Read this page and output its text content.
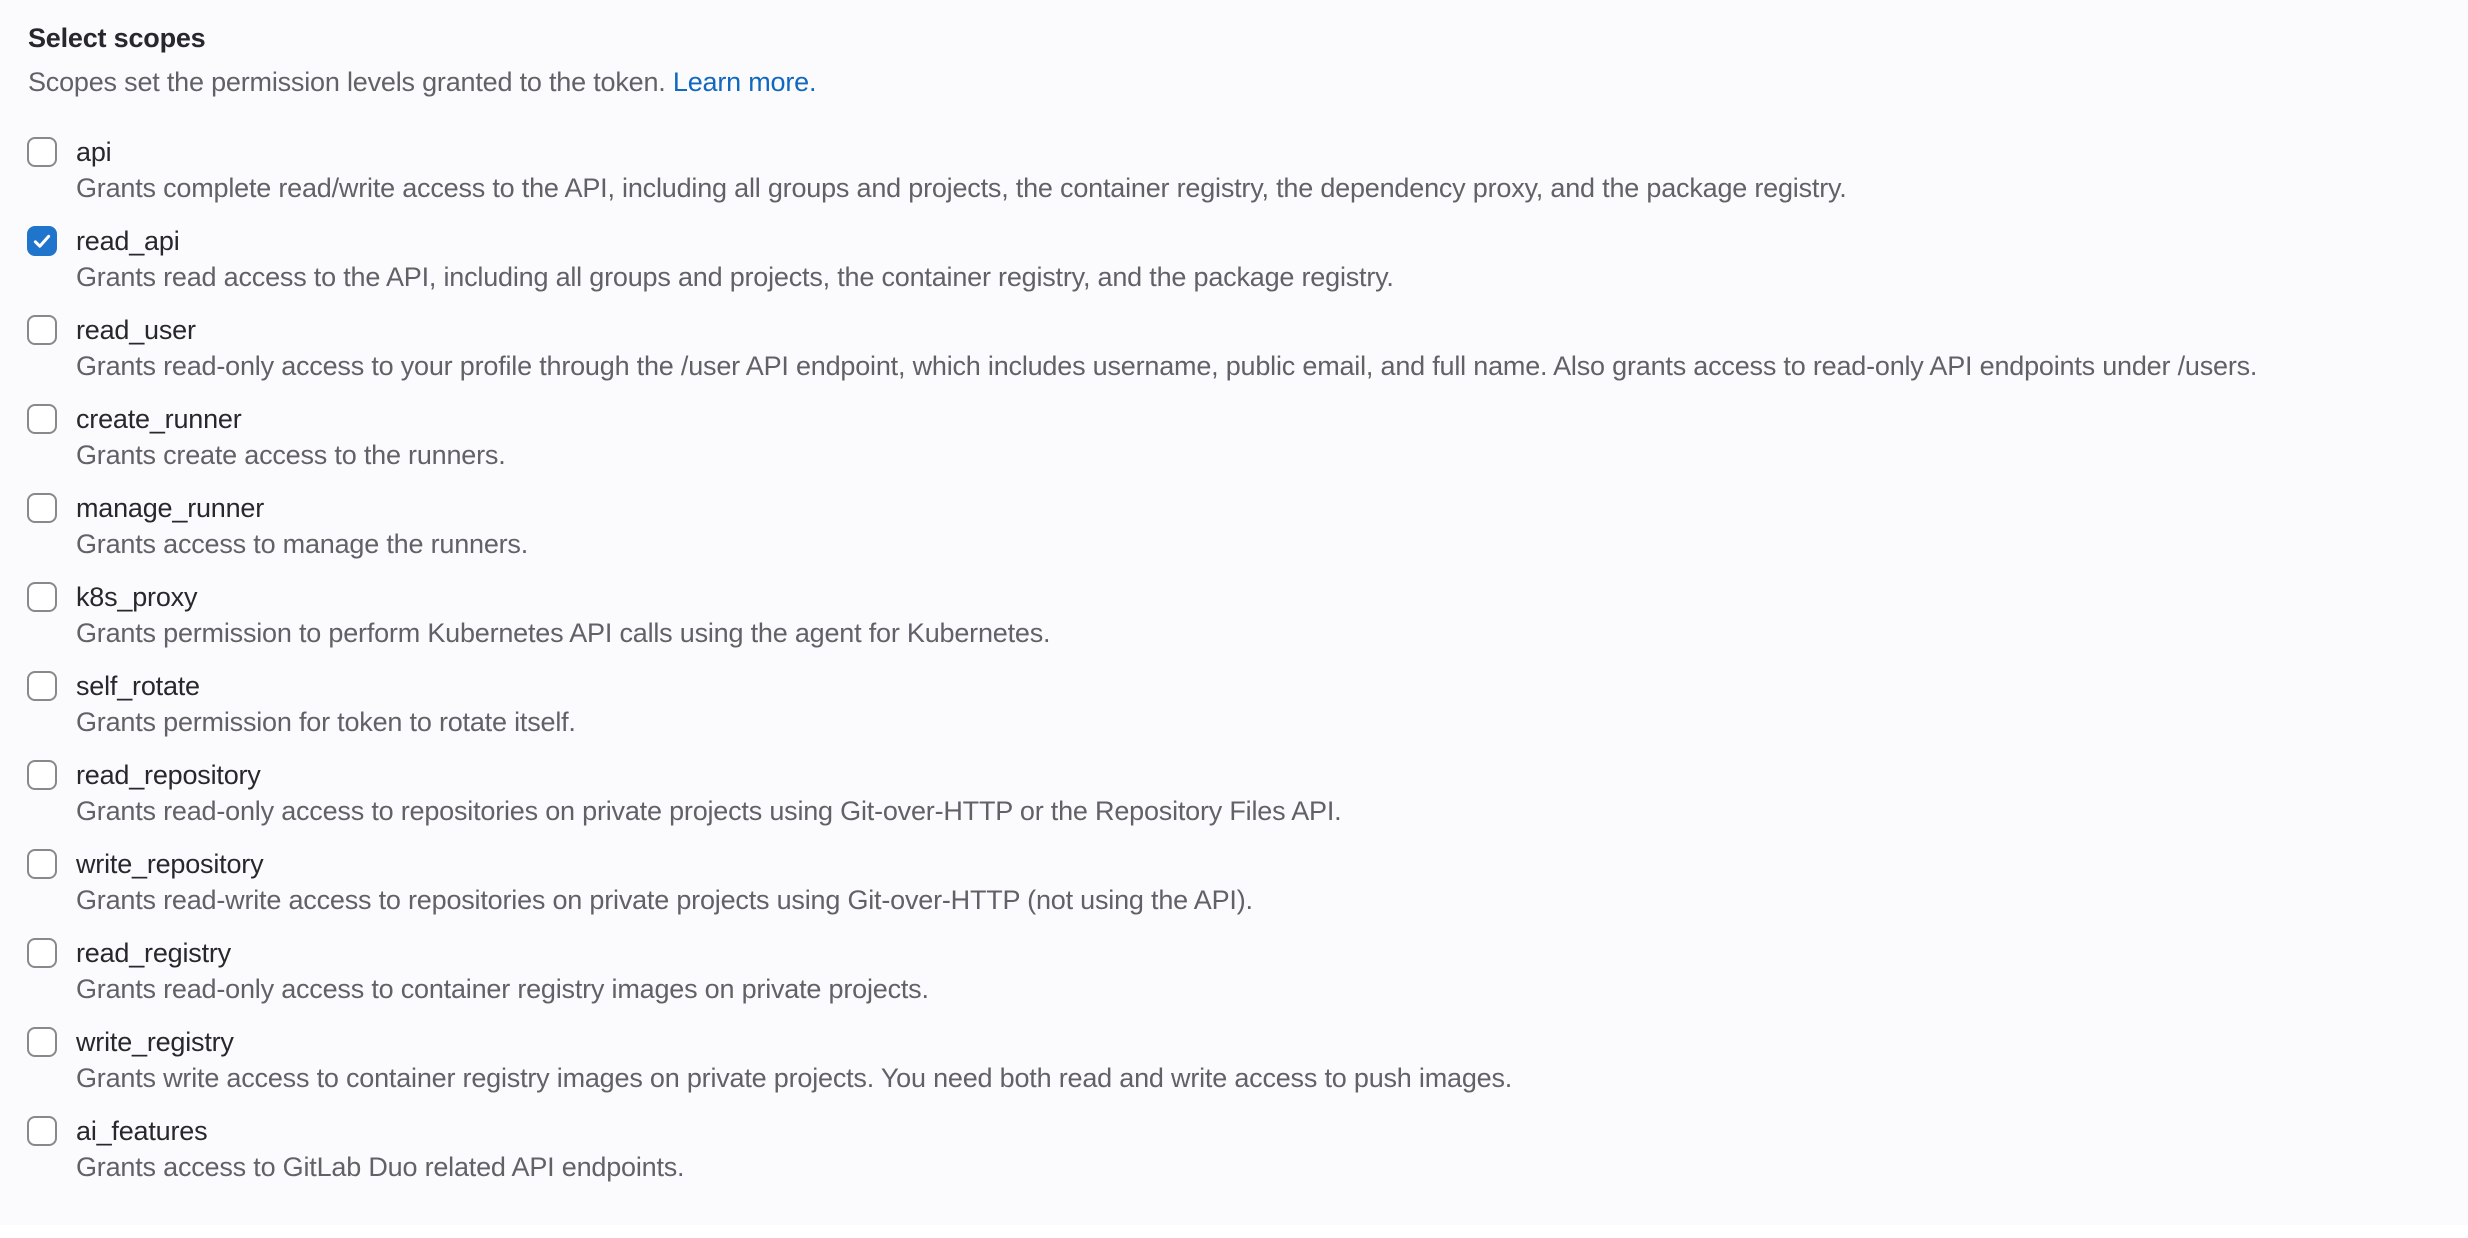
Select scopes

Scopes set the permission levels granted to the token. Learn more.

api
Grants complete read/write access to the API, including all groups and projects, the container registry, the dependency proxy, and the package registry.
read_api
Grants read access to the API, including all groups and projects, the container registry, and the package registry.
read_user
Grants read-only access to your profile through the /user API endpoint, which includes username, public email, and full name. Also grants access to read-only API endpoints under /users.
create_runner
Grants create access to the runners.
manage_runner
Grants access to manage the runners.
k8s_proxy
Grants permission to perform Kubernetes API calls using the agent for Kubernetes.
self_rotate
Grants permission for token to rotate itself.
read_repository
Grants read-only access to repositories on private projects using Git-over-HTTP or the Repository Files API.
write_repository
Grants read-write access to repositories on private projects using Git-over-HTTP (not using the API).
read_registry
Grants read-only access to container registry images on private projects.
write_registry
Grants write access to container registry images on private projects. You need both read and write access to push images.
ai_features
Grants access to GitLab Duo related API endpoints.
